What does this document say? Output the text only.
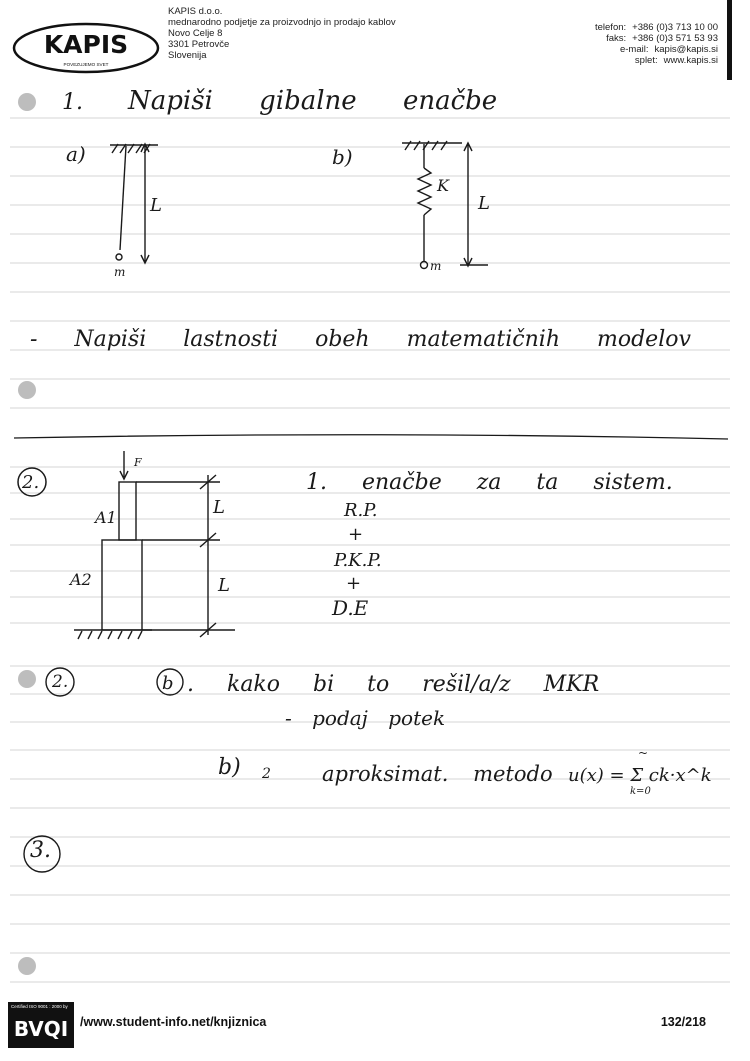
KAPIS
POVEZUJEMO SVET
KAPIS d.o.o.
mednarodno podjetje za proizvodnjo in prodajo kablov
Novo Celje 8
3301 Petrovče
Slovenija
telefon: +386 (0)3 713 10 00
faks: +386 (0)3 571 53 93
e-mail: kapis@kapis.si
splet: www.kapis.si
1. Napiši gibalne enačbe
a)
L
m
b)
K
L
m
- Napiši lastnosti obeh matematičnih modelov
2.
F
A1
A2
L
L
1. enačbe za ta sistem.
R.P.
+
P.K.P.
+
D.E
2.	b . kako bi to rešil/a/z MKR
- podaj potek
b) 2 aproksimat. metodo u(x) = Σ ck·x^k
~
k=0
3.
Certified ISO 9001 : 2000 by
BVQI /www.student-info.net/knjiznica	132/218
